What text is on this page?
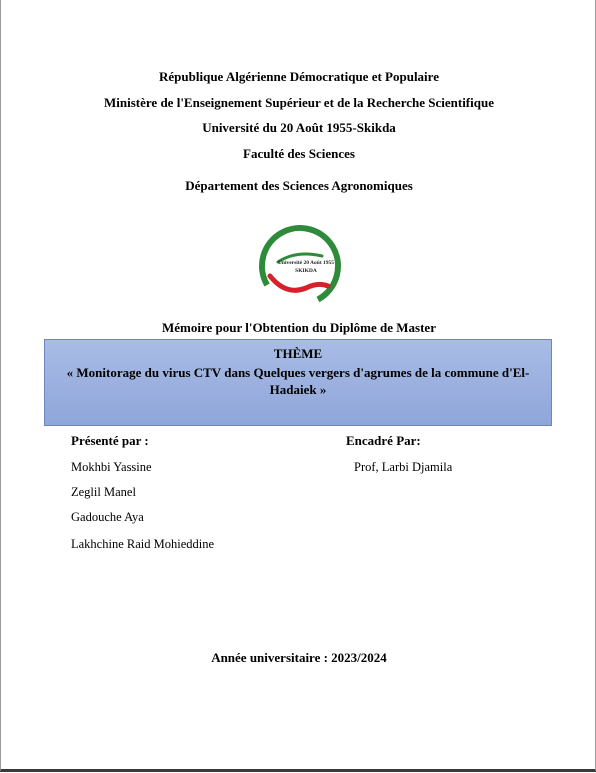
République Algérienne Démocratique et Populaire
Ministère de l'Enseignement Supérieur et de la Recherche Scientifique
Université du 20 Août 1955-Skikda
Faculté des Sciences
Département des Sciences Agronomiques
Université 20 Août 1955
SKIKDA
Mémoire pour l'Obtention du Diplôme de Master
THÈME
« Monitorage du virus CTV dans Quelques vergers d'agrumes de la commune d'El-Hadaiek »
Présenté par :	Encadré Par:
Mokhbi Yassine
Zeglil Manel
Gadouche Aya
Lakhchine Raid Mohieddine
Prof, Larbi Djamila
Année universitaire : 2023/2024
